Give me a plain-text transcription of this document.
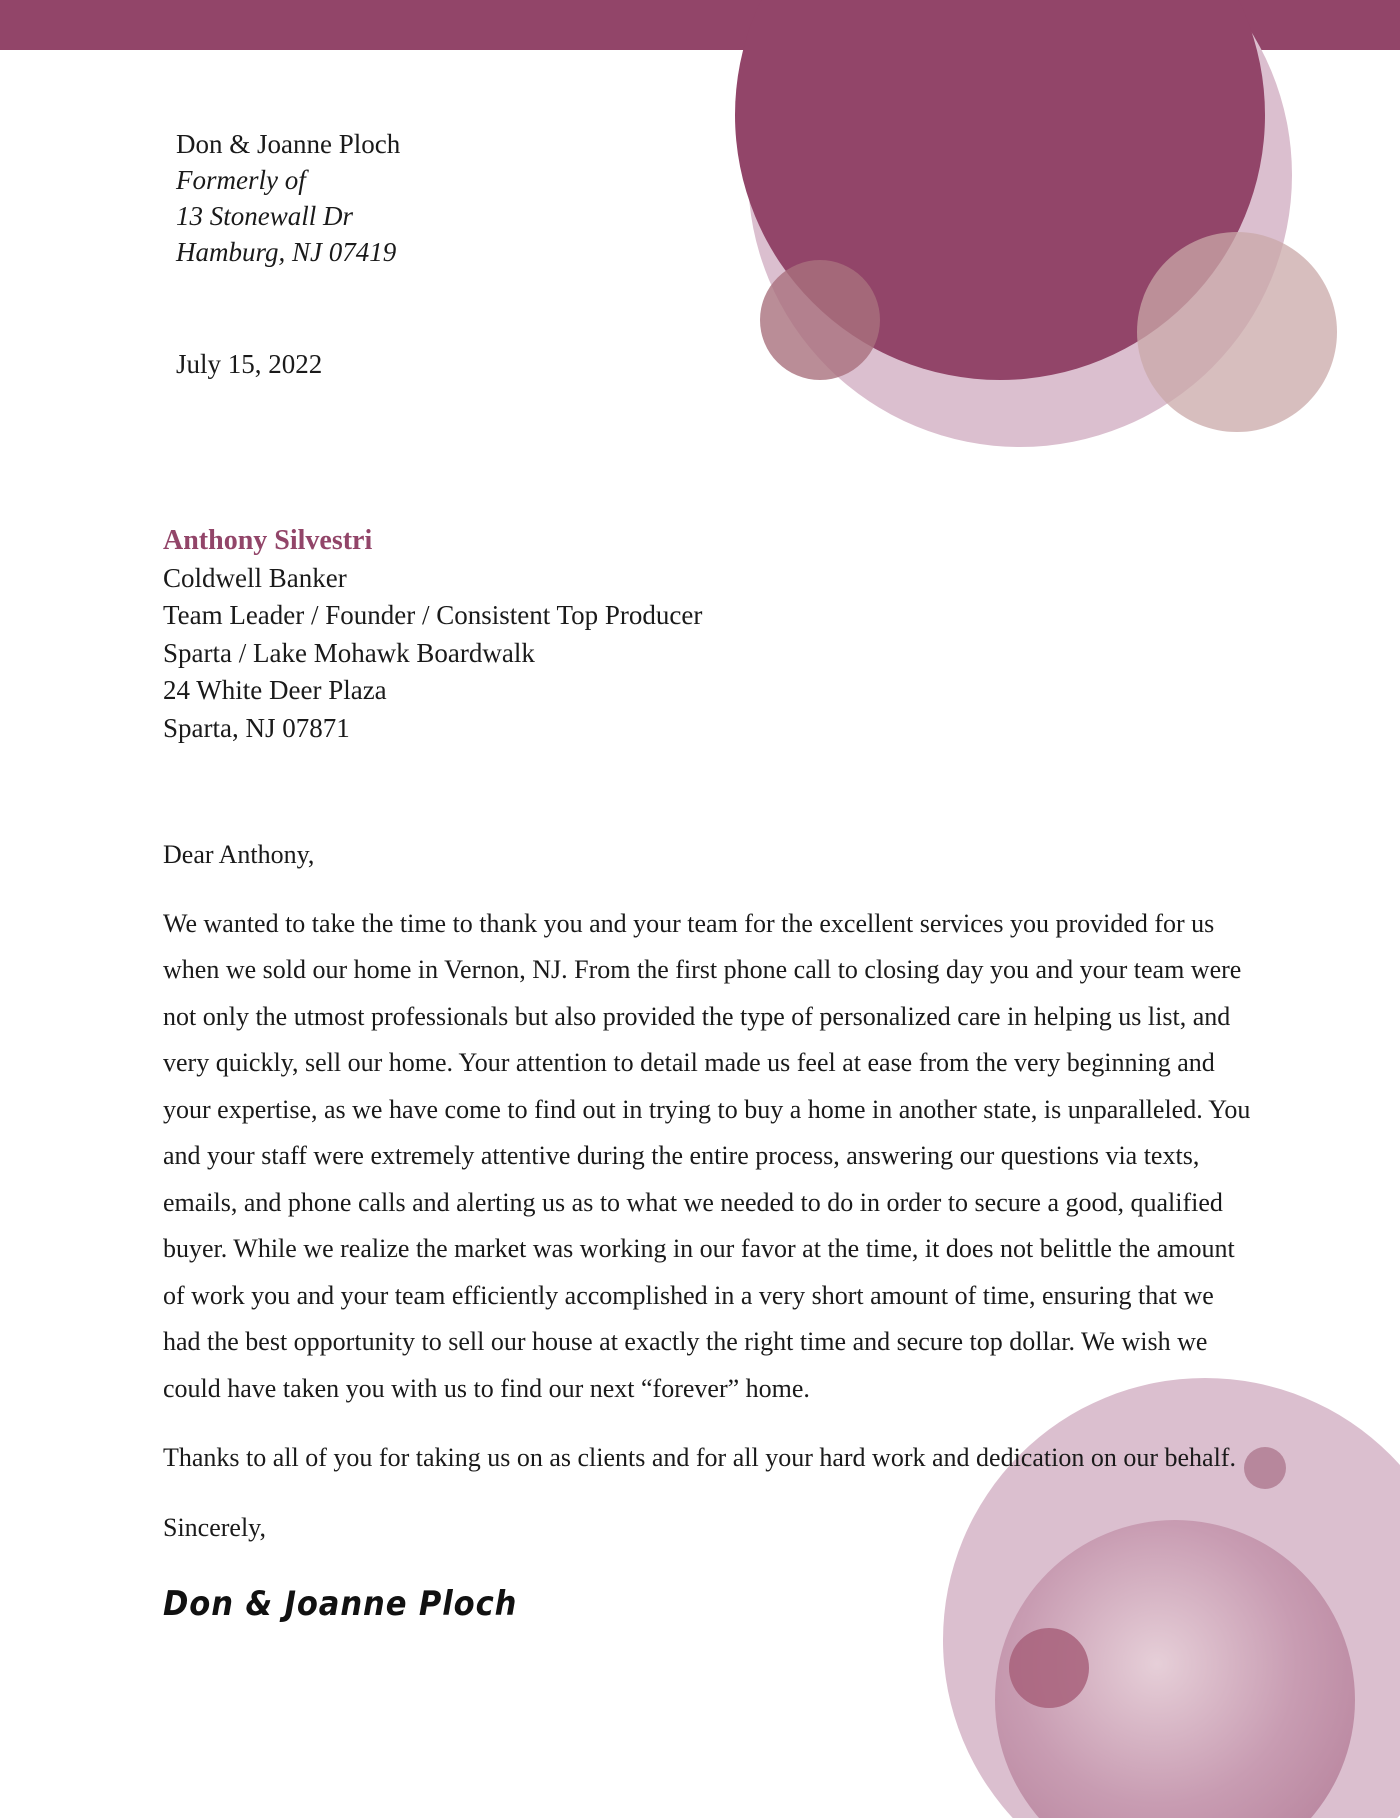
Don & Joanne Ploch
Formerly of
13 Stonewall Dr
Hamburg, NJ 07419
July 15, 2022
Anthony Silvestri
Coldwell Banker
Team Leader / Founder / Consistent Top Producer
Sparta / Lake Mohawk Boardwalk
24 White Deer Plaza
Sparta, NJ 07871

Dear Anthony,

We wanted to take the time to thank you and your team for the excellent services you provided for us when we sold our home in Vernon, NJ. From the first phone call to closing day you and your team were not only the utmost professionals but also provided the type of personalized care in helping us list, and very quickly, sell our home. Your attention to detail made us feel at ease from the very beginning and your expertise, as we have come to find out in trying to buy a home in another state, is unparalleled. You and your staff were extremely attentive during the entire process, answering our questions via texts, emails, and phone calls and alerting us as to what we needed to do in order to secure a good, qualified buyer. While we realize the market was working in our favor at the time, it does not belittle the amount of work you and your team efficiently accomplished in a very short amount of time, ensuring that we had the best opportunity to sell our house at exactly the right time and secure top dollar. We wish we could have taken you with us to find our next “forever” home.

Thanks to all of you for taking us on as clients and for all your hard work and dedication on our behalf.

Sincerely,

Don & Joanne Ploch
